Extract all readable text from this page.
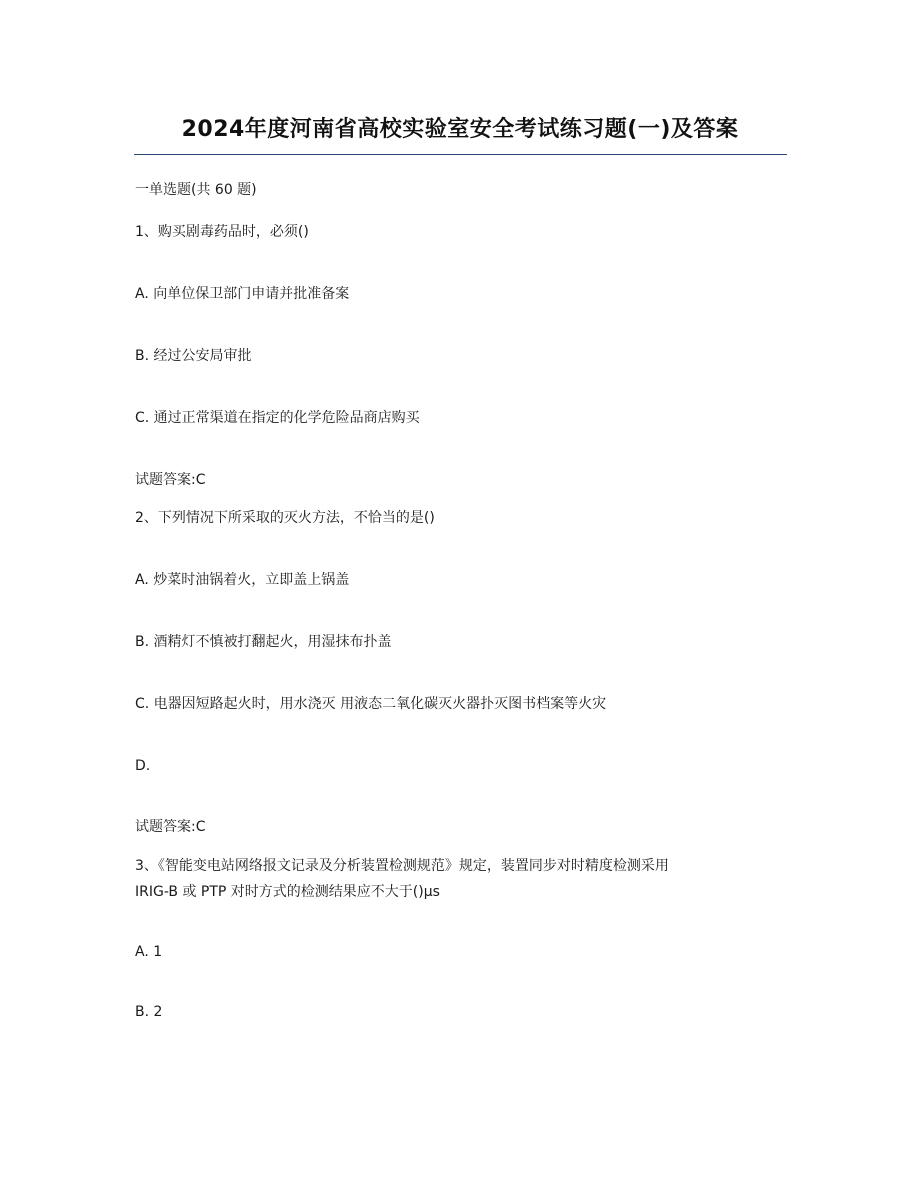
2024年度河南省高校实验室安全考试练习题(一)及答案
一单选题(共 60 题)
1、购买剧毒药品时，必须()
A. 向单位保卫部门申请并批准备案
B. 经过公安局审批
C. 通过正常渠道在指定的化学危险品商店购买
试题答案:C
2、下列情况下所采取的灭火方法，不恰当的是()
A. 炒菜时油锅着火，立即盖上锅盖
B. 酒精灯不慎被打翻起火，用湿抹布扑盖
C. 电器因短路起火时，用水浇灭 用液态二氧化碳灭火器扑灭图书档案等火灾
D.
试题答案:C
3、《智能变电站网络报文记录及分析装置检测规范》规定，装置同步对时精度检测采用
IRIG-B 或 PTP 对时方式的检测结果应不大于()μs
A. 1
B. 2
